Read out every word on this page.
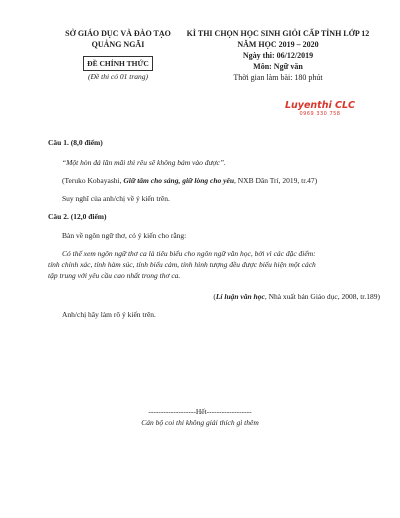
SỞ GIÁO DỤC VÀ ĐÀO TẠO
QUẢNG NGÃI
ĐỀ CHÍNH THỨC
(Đề thi có 01 trang)
KÌ THI CHỌN HỌC SINH GIỎI CẤP TỈNH LỚP 12
NĂM HỌC 2019 – 2020
Ngày thi: 06/12/2019
Môn: Ngữ văn
Thời gian làm bài: 180 phút
Luyenthi CLC
0969 330 758
Câu 1. (8,0 điểm)
“Một hòn đá lăn mãi thì rêu sẽ không bám vào được”.
(Teruko Kobayashi, Giữ tâm cho sáng, giữ lòng cho yêu, NXB Dân Trí, 2019, tr.47)
Suy nghĩ của anh/chị về ý kiến trên.
Câu 2. (12,0 điểm)
Bàn về ngôn ngữ thơ, có ý kiến cho rằng:
Có thể xem ngôn ngữ thơ ca là tiêu biểu cho ngôn ngữ văn học, bởi vì các đặc điểm:
tính chính xác, tính hàm súc, tính biểu cảm, tính hình tượng đều được biểu hiện một cách
tập trung với yêu cầu cao nhất trong thơ ca.
(Lí luận văn học, Nhà xuất bản Giáo dục, 2008, tr.189)
Anh/chị hãy làm rõ ý kiến trên.
-------------------Hết------------------
Cán bộ coi thi không giải thích gì thêm
